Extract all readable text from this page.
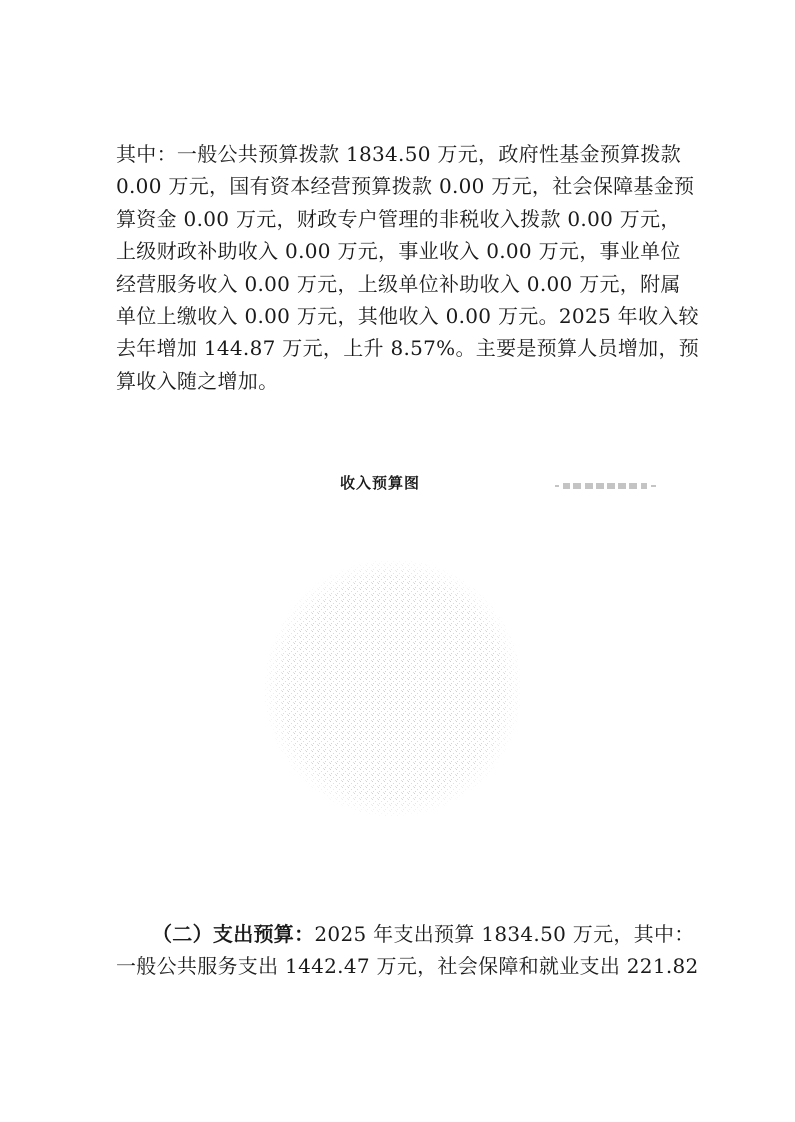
其中：一般公共预算拨款 1834.50 万元，政府性基金预算拨款
0.00 万元，国有资本经营预算拨款 0.00 万元，社会保障基金预
算资金 0.00 万元，财政专户管理的非税收入拨款 0.00 万元，
上级财政补助收入 0.00 万元，事业收入 0.00 万元，事业单位
经营服务收入 0.00 万元，上级单位补助收入 0.00 万元，附属
单位上缴收入 0.00 万元，其他收入 0.00 万元。2025 年收入较
去年增加 144.87 万元，上升 8.57%。主要是预算人员增加，预
算收入随之增加。

收入预算图

（二）支出预算：2025 年支出预算 1834.50 万元，其中：
一般公共服务支出 1442.47 万元，社会保障和就业支出 221.82
